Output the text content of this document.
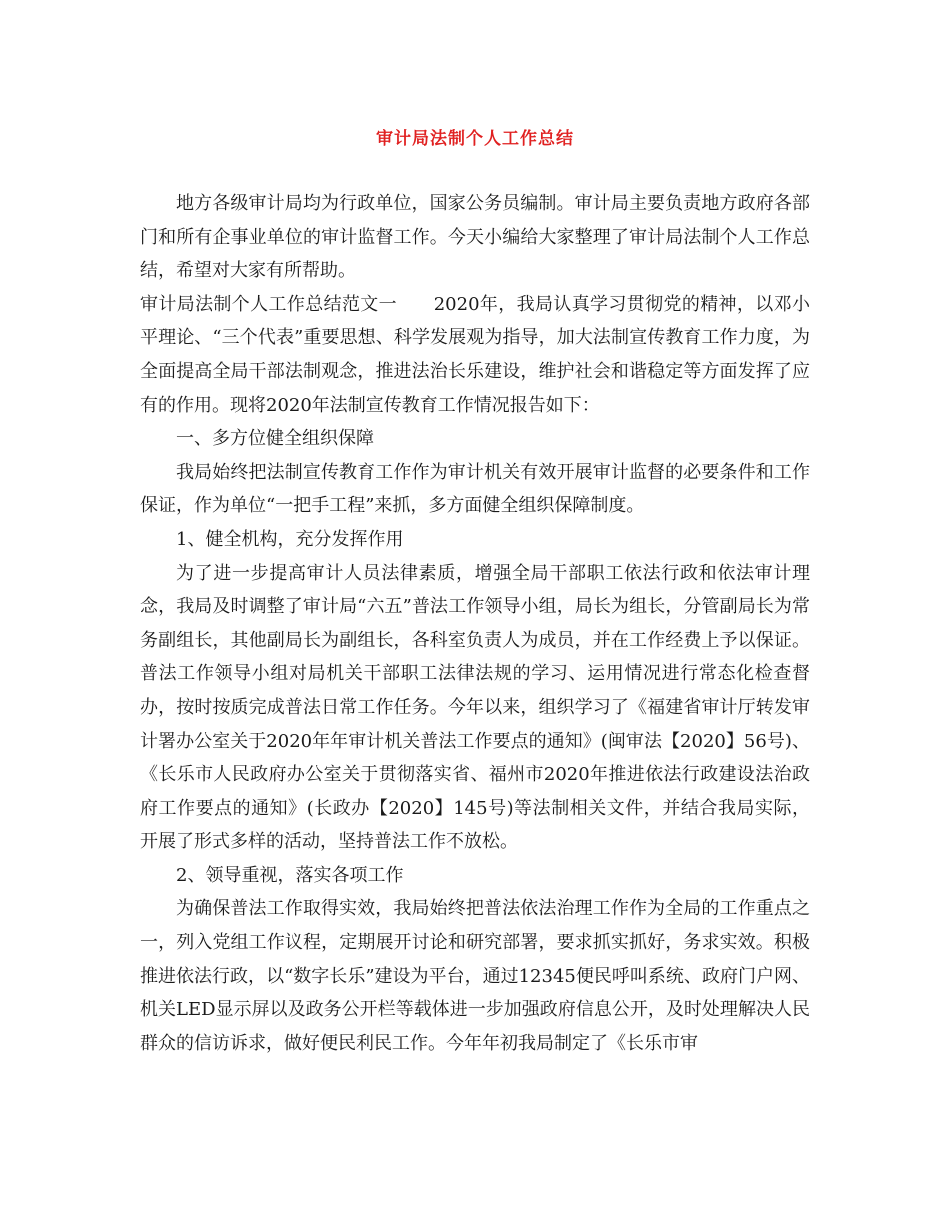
审计局法制个人工作总结

地方各级审计局均为行政单位，国家公务员编制。审计局主要负责地方政府各部门和所有企事业单位的审计监督工作。今天小编给大家整理了审计局法制个人工作总结，希望对大家有所帮助。

审计局法制个人工作总结范文一　　2020年，我局认真学习贯彻党的精神，以邓小平理论、“三个代表”重要思想、科学发展观为指导，加大法制宣传教育工作力度，为全面提高全局干部法制观念，推进法治长乐建设，维护社会和谐稳定等方面发挥了应有的作用。现将2020年法制宣传教育工作情况报告如下：

一、多方位健全组织保障

我局始终把法制宣传教育工作作为审计机关有效开展审计监督的必要条件和工作保证，作为单位“一把手工程”来抓，多方面健全组织保障制度。

1、健全机构，充分发挥作用

为了进一步提高审计人员法律素质，增强全局干部职工依法行政和依法审计理念，我局及时调整了审计局“六五”普法工作领导小组，局长为组长，分管副局长为常务副组长，其他副局长为副组长，各科室负责人为成员，并在工作经费上予以保证。普法工作领导小组对局机关干部职工法律法规的学习、运用情况进行常态化检查督办，按时按质完成普法日常工作任务。今年以来，组织学习了《福建省审计厅转发审计署办公室关于2020年年审计机关普法工作要点的通知》(闽审法【2020】56号)、《长乐市人民政府办公室关于贯彻落实省、福州市2020年推进依法行政建设法治政府工作要点的通知》(长政办【2020】145号)等法制相关文件，并结合我局实际，开展了形式多样的活动，坚持普法工作不放松。

2、领导重视，落实各项工作

为确保普法工作取得实效，我局始终把普法依法治理工作作为全局的工作重点之一，列入党组工作议程，定期展开讨论和研究部署，要求抓实抓好，务求实效。积极推进依法行政，以“数字长乐”建设为平台，通过12345便民呼叫系统、政府门户网、机关LED显示屏以及政务公开栏等载体进一步加强政府信息公开，及时处理解决人民群众的信访诉求，做好便民利民工作。今年年初我局制定了《长乐市审
